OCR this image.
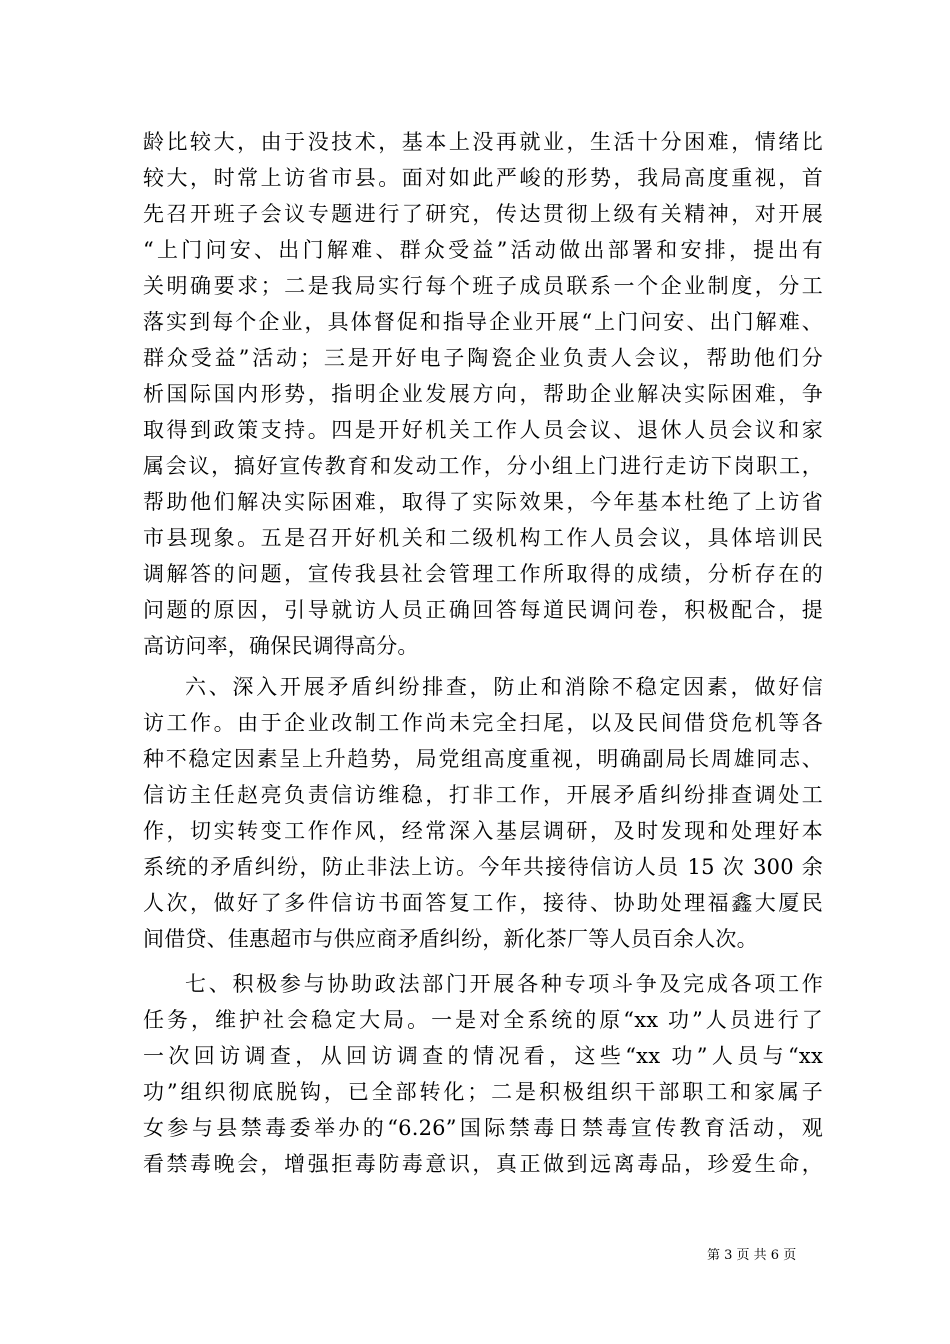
龄比较大，由于没技术，基本上没再就业，生活十分困难，情绪比
较大，时常上访省市县。面对如此严峻的形势，我局高度重视，首
先召开班子会议专题进行了研究，传达贯彻上级有关精神，对开展
“上门问安、出门解难、群众受益”活动做出部署和安排，提出有
关明确要求；二是我局实行每个班子成员联系一个企业制度，分工
落实到每个企业，具体督促和指导企业开展“上门问安、出门解难、
群众受益”活动；三是开好电子陶瓷企业负责人会议，帮助他们分
析国际国内形势，指明企业发展方向，帮助企业解决实际困难，争
取得到政策支持。四是开好机关工作人员会议、退休人员会议和家
属会议，搞好宣传教育和发动工作，分小组上门进行走访下岗职工，
帮助他们解决实际困难，取得了实际效果，今年基本杜绝了上访省
市县现象。五是召开好机关和二级机构工作人员会议，具体培训民
调解答的问题，宣传我县社会管理工作所取得的成绩，分析存在的
问题的原因，引导就访人员正确回答每道民调问卷，积极配合，提
高访问率，确保民调得高分。
六、深入开展矛盾纠纷排查，防止和消除不稳定因素，做好信
访工作。由于企业改制工作尚未完全扫尾，以及民间借贷危机等各
种不稳定因素呈上升趋势，局党组高度重视，明确副局长周雄同志、
信访主任赵亮负责信访维稳，打非工作，开展矛盾纠纷排查调处工
作，切实转变工作作风，经常深入基层调研，及时发现和处理好本
系统的矛盾纠纷，防止非法上访。今年共接待信访人员 15 次 300 余
人次，做好了多件信访书面答复工作，接待、协助处理福鑫大厦民
间借贷、佳惠超市与供应商矛盾纠纷，新化茶厂等人员百余人次。
七、积极参与协助政法部门开展各种专项斗争及完成各项工作
任务，维护社会稳定大局。一是对全系统的原“xx 功”人员进行了
一次回访调查，从回访调查的情况看，这些“xx 功”人员与“xx
功”组织彻底脱钩，已全部转化；二是积极组织干部职工和家属子
女参与县禁毒委举办的“6.26”国际禁毒日禁毒宣传教育活动，观
看禁毒晚会，增强拒毒防毒意识，真正做到远离毒品，珍爱生命，
第 3 页 共 6 页
